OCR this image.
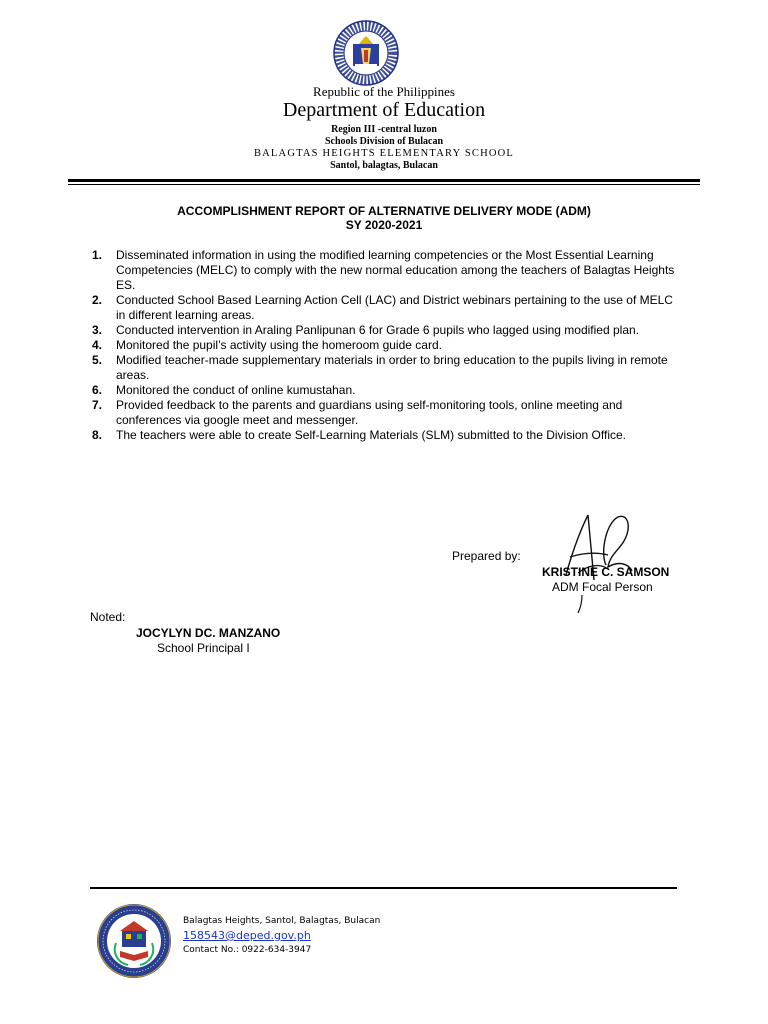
Republic of the Philippines
Department of Education
Region III -central luzon
Schools Division of Bulacan
BALAGTAS HEIGHTS ELEMENTARY SCHOOL
Santol, balagtas, Bulacan
ACCOMPLISHMENT REPORT OF ALTERNATIVE DELIVERY MODE (ADM)
SY 2020-2021
1. Disseminated information in using the modified learning competencies or the Most Essential Learning Competencies (MELC) to comply with the new normal education among the teachers of Balagtas Heights ES.
2. Conducted School Based Learning Action Cell (LAC) and District webinars pertaining to the use of MELC in different learning areas.
3. Conducted intervention in Araling Panlipunan 6 for Grade 6 pupils who lagged using modified plan.
4. Monitored the pupil’s activity using the homeroom guide card.
5. Modified teacher-made supplementary materials in order to bring education to the pupils living in remote areas.
6. Monitored the conduct of online kumustahan.
7. Provided feedback to the parents and guardians using self-monitoring tools, online meeting and conferences via google meet and messenger.
8. The teachers were able to create Self-Learning Materials (SLM) submitted to the Division Office.
Prepared by:
KRISTINE C. SAMSON
ADM Focal Person
Noted:
JOCYLYN DC. MANZANO
School Principal I
Balagtas Heights, Santol, Balagtas, Bulacan
158543@deped.gov.ph
Contact No.: 0922-634-3947
